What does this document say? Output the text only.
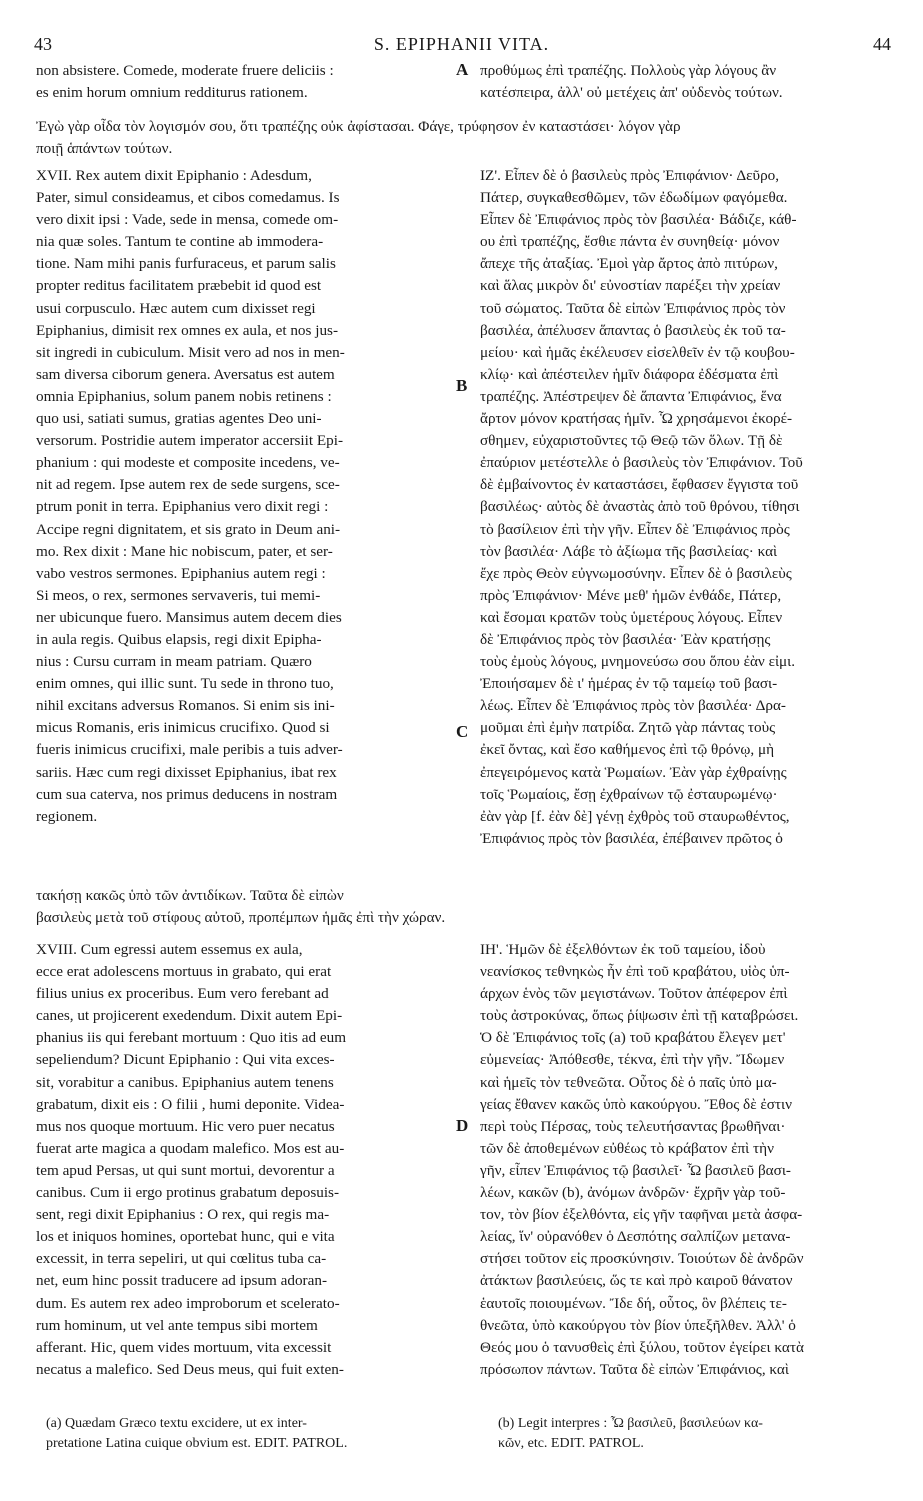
43	S. EPIPHANII VITA.	44
non absistere. Comede, moderate fruere deliciis :
es enim horum omnium redditurus rationem.
προθύμως ἐπὶ τραπέζης. Πολλοὺς γὰρ λόγους ἂν
κατέσπειρα, ἀλλ' οὐ μετέχεις ἀπ' οὐδενὸς τούτων.
Ἐγὼ γὰρ οἶδα τὸν λογισμόν σου, ὅτι τραπέζης οὐκ ἀφίστασαι. Φάγε, τρύφησον ἐν καταστάσει· λόγον γὰρ
ποιῇ ἁπάντων τούτων.
XVII. Rex autem dixit Epiphanio : Adesdum,
Pater, simul consideamus, et cibos comedamus. Is
vero dixit ipsi : Vade, sede in mensa, comede om-
nia quæ soles. Tantum te contine ab immodera-
tione. Nam mihi panis furfuraceus, et parum salis
propter reditus facilitatem præbebit id quod est
usui corpusculo. Hæc autem cum dixisset regi
Epiphanius, dimisit rex omnes ex aula, et nos jus-
sit ingredi in cubiculum. Misit vero ad nos in men-
sam diversa ciborum genera. Aversatus est autem
omnia Epiphanius, solum panem nobis retinens :
quo usi, satiati sumus, gratias agentes Deo uni-
versorum. Postridie autem imperator accersiit Epi-
phanium : qui modeste et composite incedens, ve-
nit ad regem. Ipse autem rex de sede surgens, sce-
ptrum ponit in terra. Epiphanius vero dixit regi :
Accipe regni dignitatem, et sis grato in Deum ani-
mo. Rex dixit : Mane hic nobiscum, pater, et ser-
vabo vestros sermones. Epiphanius autem regi :
Si meos, o rex, sermones servaveris, tui memi-
ner ubicunque fuero. Mansimus autem decem dies
in aula regis. Quibus elapsis, regi dixit Epipha-
nius : Cursu curram in meam patriam. Quæro
enim omnes, qui illic sunt. Tu sede in throno tuo,
nihil excitans adversus Romanos. Si enim sis ini-
micus Romanis, eris inimicus crucifixo. Quod si
fueris inimicus crucifixi, male peribis a tuis adver-
sariis. Hæc cum regi dixisset Epiphanius, ibat rex
cum sua caterva, nos primus deducens in nostram
regionem.
ΙΖ'. Εἶπεν δὲ ὁ βασιλεὺς πρὸς Ἐπιφάνιον· Δεῦρο,
Πάτερ, συγκαθεσθῶμεν, τῶν ἐδωδίμων φαγόμεθα.
Εἶπεν δὲ Ἐπιφάνιος πρὸς τὸν βασιλέα· Βάδιζε, κάθ-
ου ἐπὶ τραπέζης, ἔσθιε πάντα ἐν συνηθείᾳ· μόνον
ἄπεχε τῆς ἀταξίας. Ἐμοὶ γὰρ ἄρτος ἀπὸ πιτύρων,
καὶ ἅλας μικρὸν δι' εὐνοστίαν παρέξει τὴν χρείαν
τοῦ σώματος. Ταῦτα δὲ εἰπὼν Ἐπιφάνιος πρὸς τὸν
βασιλέα, ἀπέλυσεν ἅπαντας ὁ βασιλεὺς ἐκ τοῦ τα-
μείου· καὶ ἡμᾶς ἐκέλευσεν εἰσελθεῖν ἐν τῷ κουβου-
κλίῳ· καὶ ἀπέστειλεν ἡμῖν διάφορα ἐδέσματα ἐπὶ
τραπέζης. Ἀπέστρεψεν δὲ ἅπαντα Ἐπιφάνιος, ἕνα
ἄρτον μόνον κρατήσας ἡμῖν. Ὧ χρησάμενοι ἐκορέ-
σθημεν, εὐχαριστοῦντες τῷ Θεῷ τῶν ὅλων. Τῇ δὲ
ἐπαύριον μετέστελλε ὁ βασιλεὺς τὸν Ἐπιφάνιον. Τοῦ
δὲ ἐμβαίνοντος ἐν καταστάσει, ἔφθασεν ἔγγιστα τοῦ
βασιλέως· αὐτὸς δὲ ἀναστὰς ἀπὸ τοῦ θρόνου, τίθησι
τὸ βασίλειον ἐπὶ τὴν γῆν. Εἶπεν δὲ Ἐπιφάνιος πρὸς
τὸν βασιλέα· Λάβε τὸ ἀξίωμα τῆς βασιλείας· καὶ
ἔχε πρὸς Θεὸν εὐγνωμοσύνην. Εἶπεν δὲ ὁ βασιλεὺς
πρὸς Ἐπιφάνιον· Μένε μεθ' ἡμῶν ἐνθάδε, Πάτερ,
καὶ ἔσομαι κρατῶν τοὺς ὑμετέρους λόγους. Εἶπεν
δὲ Ἐπιφάνιος πρὸς τὸν βασιλέα· Ἐὰν κρατήσῃς
τοὺς ἐμοὺς λόγους, μνημονεύσω σου ὅπου ἐὰν εἰμι.
Ἐποιήσαμεν δὲ ι' ἡμέρας ἐν τῷ ταμείῳ τοῦ βασι-
λέως. Εἶπεν δὲ Ἐπιφάνιος πρὸς τὸν βασιλέα· Δρα-
μοῦμαι ἐπὶ ἐμὴν πατρίδα. Ζητῶ γὰρ πάντας τοὺς
ἐκεῖ ὄντας, καὶ ἔσο καθήμενος ἐπὶ τῷ θρόνῳ, μὴ
ἐπεγειρόμενος κατὰ Ῥωμαίων. Ἐὰν γὰρ ἐχθραίνῃς
τοῖς Ῥωμαίοις, ἔσῃ ἐχθραίνων τῷ ἐσταυρωμένῳ·
ἐὰν γὰρ [f. ἐὰν δὲ] γένῃ ἐχθρὸς τοῦ σταυρωθέντος,
Ἐπιφάνιος πρὸς τὸν βασιλέα, ἐπέβαινεν πρῶτος ὁ
τακήσῃ κακῶς ὑπὸ τῶν ἀντιδίκων. Ταῦτα δὲ εἰπὼν
βασιλεὺς μετὰ τοῦ στίφους αὐτοῦ, προπέμπων ἡμᾶς ἐπὶ τὴν χώραν.
XVIII. Cum egressi autem essemus ex aula,
ecce erat adolescens mortuus in grabato, qui erat
filius unius ex proceribus. Eum vero ferebant ad
canes, ut projicerent exedendum. Dixit autem Epi-
phanius iis qui ferebant mortuum : Quo itis ad eum
sepeliendum? Dicunt Epiphanio : Qui vita exces-
sit, vorabitur a canibus. Epiphanius autem tenens
grabatum, dixit eis : O filii , humi deponite. Videa-
mus nos quoque mortuum. Hic vero puer necatus
fuerat arte magica a quodam malefico. Mos est au-
tem apud Persas, ut qui sunt mortui, devorentur a
canibus. Cum ii ergo protinus grabatum deposuis-
sent, regi dixit Epiphanius : O rex, qui regis ma-
los et iniquos homines, oportebat hunc, qui e vita
excessit, in terra sepeliri, ut qui cœlitus tuba ca-
net, eum hinc possit traducere ad ipsum adoran-
dum. Es autem rex adeo improborum et scelerato-
rum hominum, ut vel ante tempus sibi mortem
afferant. Hic, quem vides mortuum, vita excessit
necatus a malefico. Sed Deus meus, qui fuit exten-
ΙΗ'. Ἡμῶν δὲ ἐξελθόντων ἐκ τοῦ ταμείου, ἰδοὺ
νεανίσκος τεθνηκὼς ἦν ἐπὶ τοῦ κραβάτου, υἱὸς ὑπ-
άρχων ἑνὸς τῶν μεγιστάνων. Τοῦτον ἀπέφερον ἐπὶ
τοὺς ἀστροκύνας, ὅπως ῥίψωσιν ἐπὶ τῇ καταβρώσει.
Ὁ δὲ Ἐπιφάνιος τοῖς (a) τοῦ κραβάτου ἔλεγεν μετ'
εὐμενείας· Ἀπόθεσθε, τέκνα, ἐπὶ τὴν γῆν. Ἴδωμεν
καὶ ἡμεῖς τὸν τεθνεῶτα. Οὗτος δὲ ὁ παῖς ὑπὸ μα-
γείας ἔθανεν κακῶς ὑπὸ κακούργου. Ἔθος δὲ ἐστιν
περὶ τοὺς Πέρσας, τοὺς τελευτήσαντας βρωθῆναι·
τῶν δὲ ἀποθεμένων εὐθέως τὸ κράβατον ἐπὶ τὴν
γῆν, εἶπεν Ἐπιφάνιος τῷ βασιλεῖ· Ὦ βασιλεῦ βασι-
λέων, κακῶν (b), ἀνόμων ἀνδρῶν· ἔχρῆν γὰρ τοῦ-
τον, τὸν βίον ἐξελθόντα, εἰς γῆν ταφῆναι μετὰ ἀσφα-
λείας, ἵν' οὐρανόθεν ὁ Δεσπότης σαλπίζων μετανα-
στήσει τοῦτον εἰς προσκύνησιν. Τοιούτων δὲ ἀνδρῶν
ἀτάκτων βασιλεύεις, ὥς τε καὶ πρὸ καιροῦ θάνατον
ἑαυτοῖς ποιουμένων. Ἴδε δή, οὗτος, ὃν βλέπεις τε-
θνεῶτα, ὑπὸ κακούργου τὸν βίον ὑπεξῆλθεν. Ἀλλ' ὁ
Θεός μου ὁ τανυσθεὶς ἐπὶ ξύλου, τοῦτον ἐγείρει κατὰ
πρόσωπον πάντων. Ταῦτα δὲ εἰπὼν Ἐπιφάνιος, καὶ
A
B
C
D
(a) Quædam Græco textu excidere, ut ex inter-
pretatione Latina cuique obvium est. EDIT. PATROL.
(b) Legit interpres : Ὦ βασιλεῦ, βασιλεύων κα-
κῶν, etc. EDIT. PATROL.
